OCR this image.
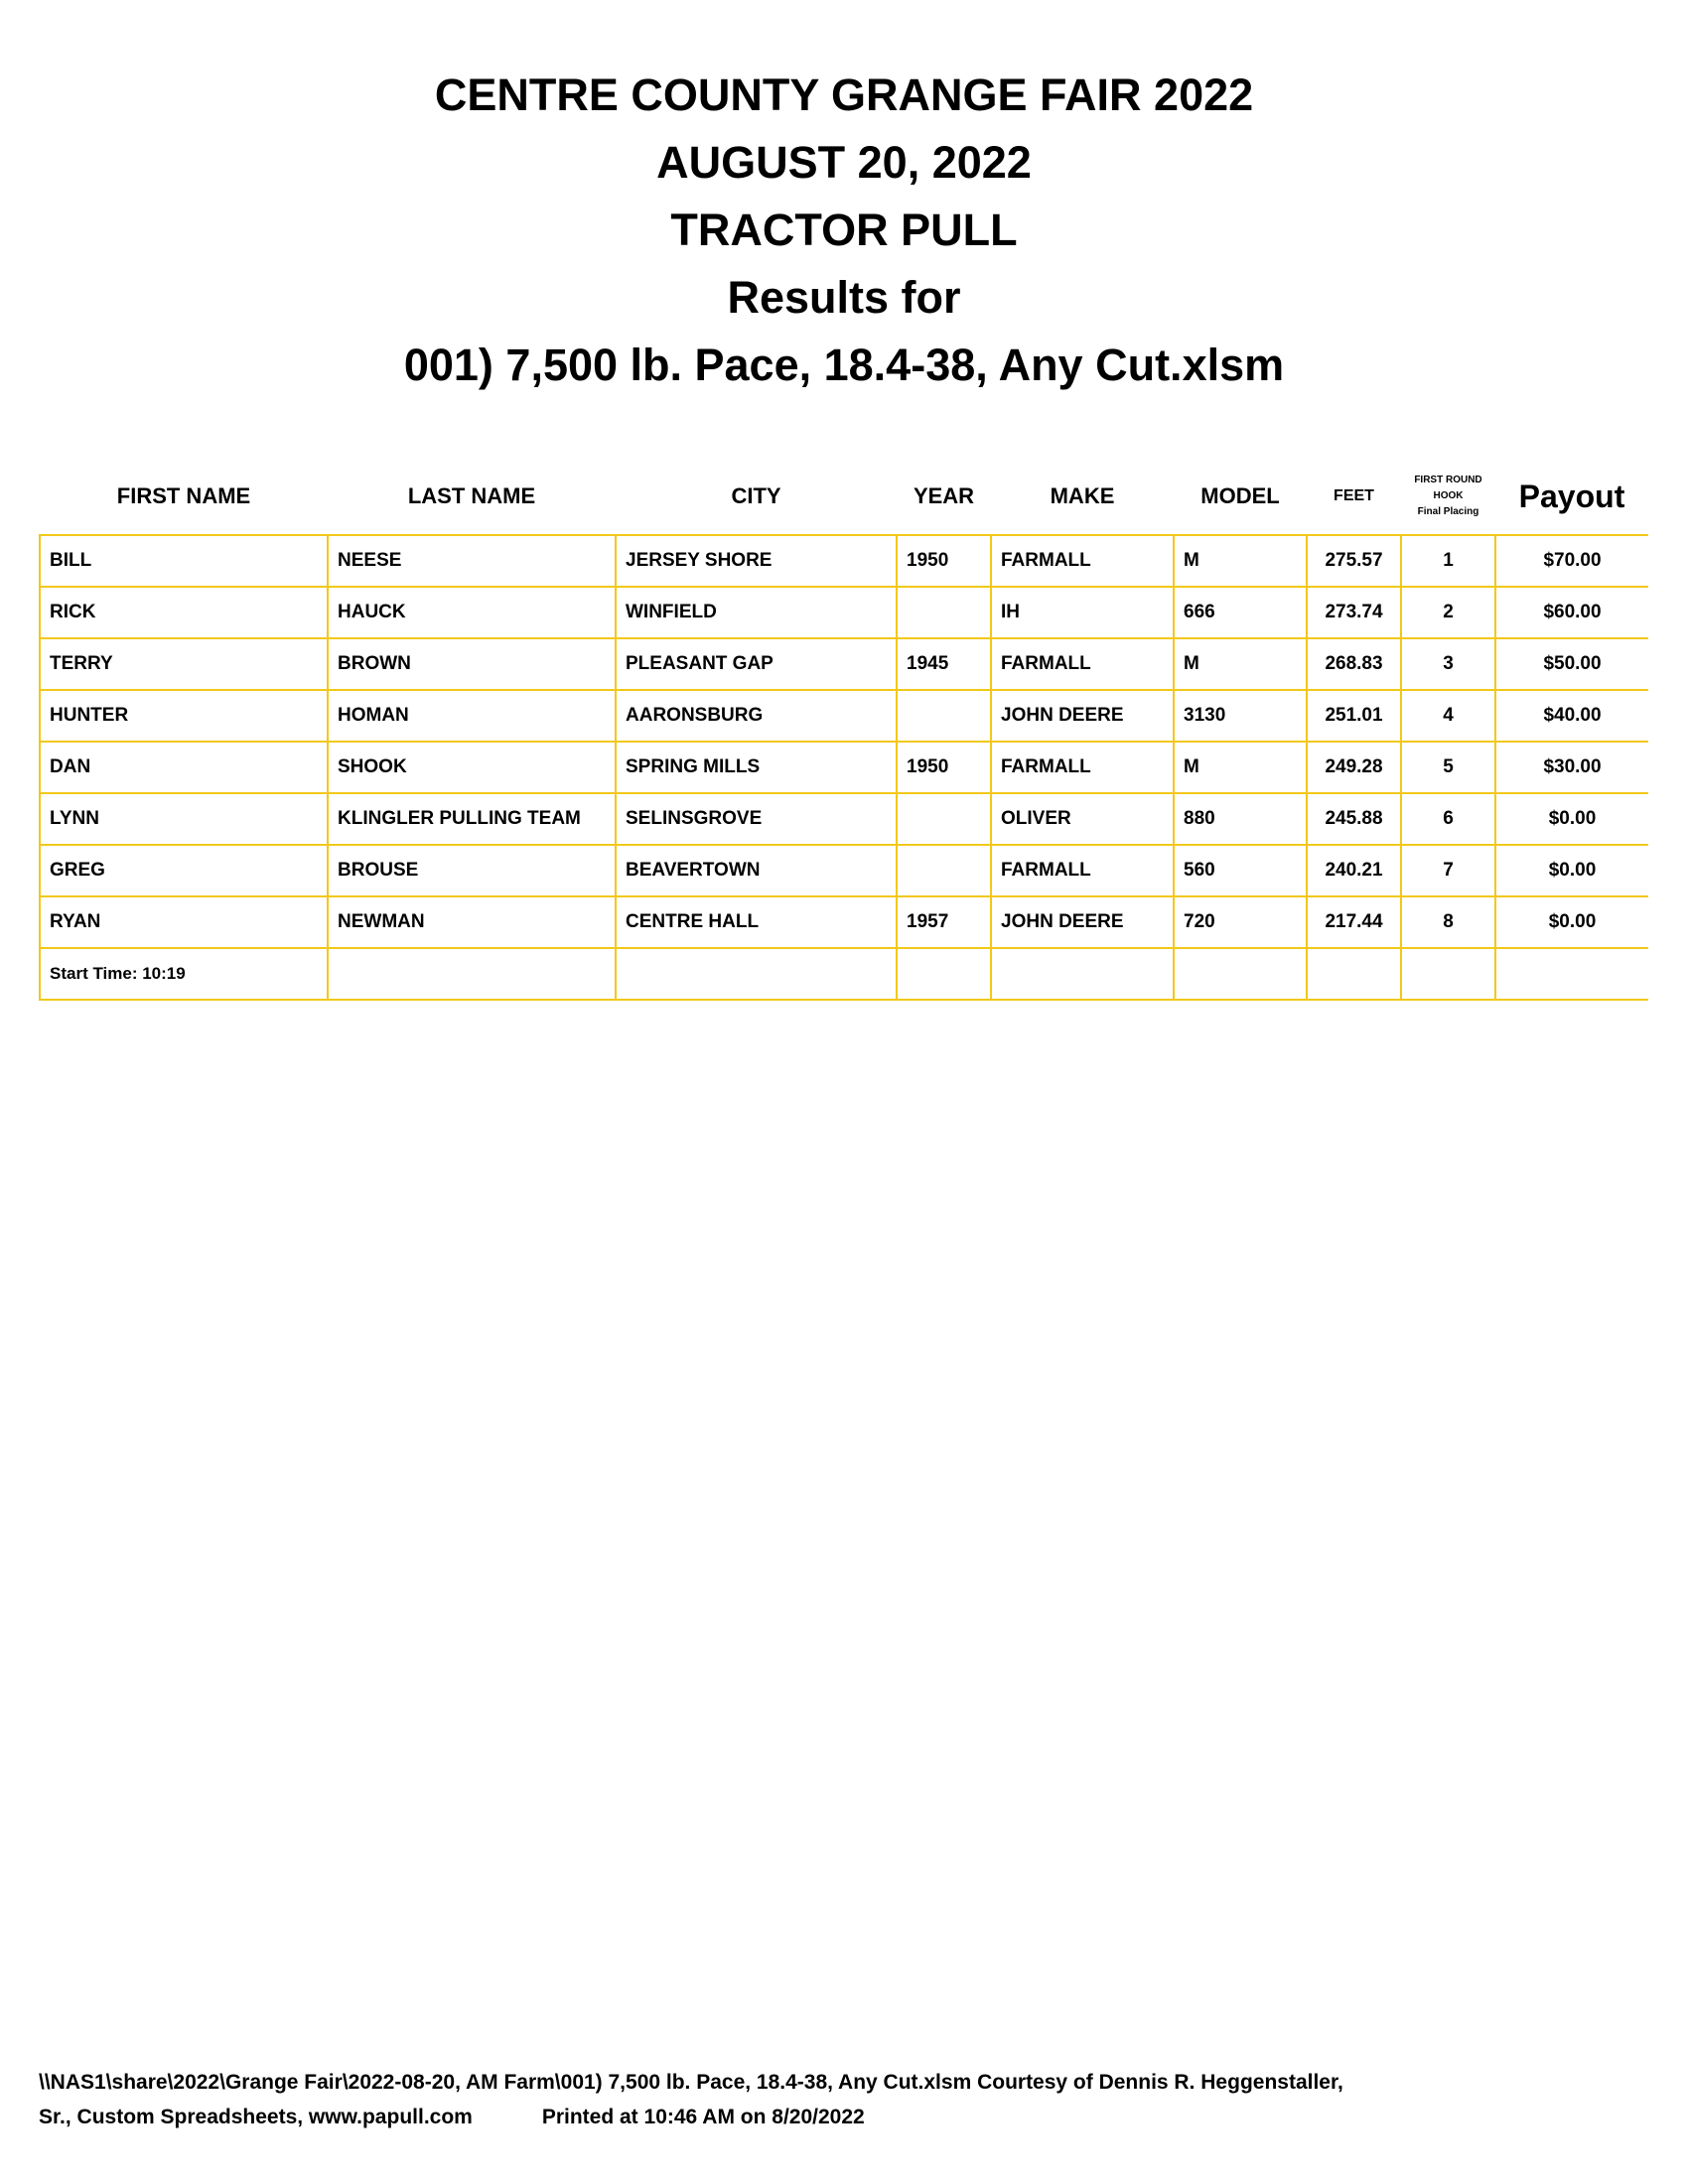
CENTRE COUNTY GRANGE FAIR 2022

AUGUST 20, 2022

TRACTOR PULL

Results for

001) 7,500 lb. Pace, 18.4-38, Any Cut.xlsm

FIRST NAME	LAST NAME	CITY	YEAR	MAKE	MODEL	FEET	FIRST ROUND
HOOK
Final Placing	Payout
BILL	NEESE	JERSEY SHORE	1950	FARMALL	M	275.57	1	$70.00
RICK	HAUCK	WINFIELD		IH	666	273.74	2	$60.00
TERRY	BROWN	PLEASANT GAP	1945	FARMALL	M	268.83	3	$50.00
HUNTER	HOMAN	AARONSBURG		JOHN DEERE	3130	251.01	4	$40.00
DAN	SHOOK	SPRING MILLS	1950	FARMALL	M	249.28	5	$30.00
LYNN	KLINGLER PULLING TEAM	SELINSGROVE		OLIVER	880	245.88	6	$0.00
GREG	BROUSE	BEAVERTOWN		FARMALL	560	240.21	7	$0.00
RYAN	NEWMAN	CENTRE HALL	1957	JOHN DEERE	720	217.44	8	$0.00
Start Time: 10:19								
\\NAS1\share\2022\Grange Fair\2022-08-20, AM Farm\001) 7,500 lb. Pace, 18.4-38, Any Cut.xlsm Courtesy of Dennis R. Heggenstaller,
Sr., Custom Spreadsheets, www.papull.com	Printed at 10:46 AM on 8/20/2022
